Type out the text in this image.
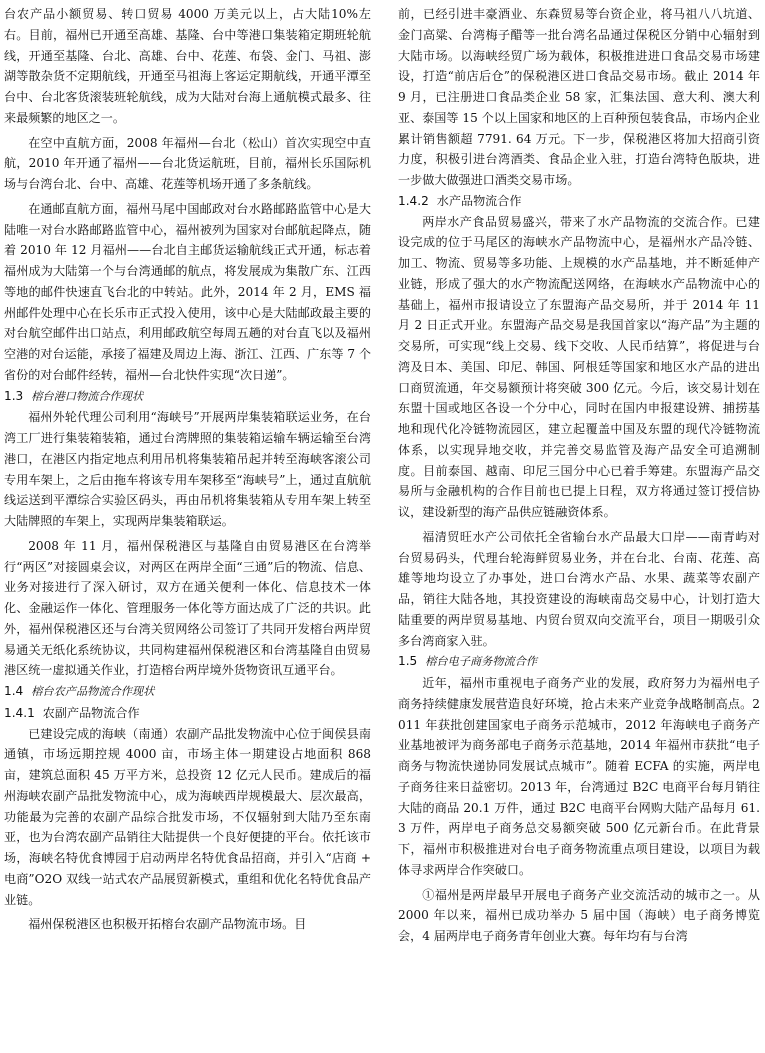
台农产品小额贸易、转口贸易 4000 万美元以上，占大陆10%左右。目前，福州已开通至高雄、基隆、台中等港口集装箱定期班轮航线，开通至基隆、台北、高雄、台中、花莲、布袋、金门、马祖、澎湖等散杂货不定期航线，开通至马祖海上客运定期航线，开通平潭至台中、台北客货滚装班轮航线，成为大陆对台海上通航模式最多、往来最频繁的地区之一。

在空中直航方面，2008 年福州—台北（松山）首次实现空中直航，2010 年开通了福州——台北货运航班，目前，福州长乐国际机场与台湾台北、台中、高雄、花莲等机场开通了多条航线。

在通邮直航方面，福州马尾中国邮政对台水路邮路监管中心是大陆唯一对台水路邮路监管中心，福州被列为国家对台邮航起降点，随着 2010 年 12 月福州——台北自主邮货运输航线正式开通，标志着福州成为大陆第一个与台湾通邮的航点，将发展成为集散广东、江西等地的邮件快速直飞台北的中转站。此外，2014 年 2 月，EMS 福州邮件处理中心在长乐市正式投入使用，该中心是大陆邮政最主要的对台航空邮件出口站点，利用邮政航空每周五趟的对台直飞以及福州空港的对台运能，承接了福建及周边上海、浙江、江西、广东等 7 个省份的对台邮件经转，福州—台北快件实现“次日递”。

1.3 榕台港口物流合作现状

福州外轮代理公司利用“海峡号”开展两岸集装箱联运业务，在台湾工厂进行集装箱装箱，通过台湾牌照的集装箱运输车辆运输至台湾港口，在港区内指定地点利用吊机将集装箱吊起并转至海峡客滚公司专用车架上，之后由拖车将该专用车架移至“海峡号”上，通过直航航线运送到平潭综合实验区码头，再由吊机将集装箱从专用车架上转至大陆牌照的车架上，实现两岸集装箱联运。

2008 年 11 月，福州保税港区与基隆自由贸易港区在台湾举行“两区”对接圆桌会议，对两区在两岸全面“三通”后的物流、信息、业务对接进行了深入研讨，双方在通关便利一体化、信息技术一体化、金融运作一体化、管理服务一体化等方面达成了广泛的共识。此外，福州保税港区还与台湾关贸网络公司签订了共同开发榕台两岸贸易通关无纸化系统协议，共同构建福州保税港区和台湾基隆自由贸易港区统一虚拟通关作业，打造榕台两岸境外货物资讯互通平台。

1.4 榕台农产品物流合作现状
1.4.1 农副产品物流合作

已建设完成的海峡（南通）农副产品批发物流中心位于闽侯县南通镇，市场远期控规 4000 亩，市场主体一期建设占地面积 868 亩，建筑总面积 45 万平方米，总投资 12 亿元人民币。建成后的福州海峡农副产品批发物流中心，成为海峡西岸规模最大、层次最高，功能最为完善的农副产品综合批发市场，不仅辐射到大陆乃至东南亚，也为台湾农副产品销往大陆提供一个良好便捷的平台。依托该市场，海峡名特优食博园于启动两岸名特优食品招商，并引入“店商 + 电商”O2O 双线一站式农产品展贸新模式，重组和优化名特优食品产业链。

福州保税港区也积极开拓榕台农副产品物流市场。目

前，已经引进丰豪酒业、东森贸易等台资企业，将马祖八八坑道、金门高粱、台湾梅子醋等一批台湾名品通过保税区分销中心辐射到大陆市场。以海峡经贸广场为载体，积极推进进口食品交易市场建设，打造“前店后仓”的保税港区进口食品交易市场。截止 2014 年 9 月，已注册进口食品类企业 58 家，汇集法国、意大利、澳大利亚、泰国等 15 个以上国家和地区的上百种预包装食品，市场内企业累计销售额超 7791. 64 万元。下一步，保税港区将加大招商引资力度，积极引进台湾酒类、食品企业入驻，打造台湾特色版块，进一步做大做强进口酒类交易市场。

1.4.2 水产品物流合作

两岸水产食品贸易盛兴，带来了水产品物流的交流合作。已建设完成的位于马尾区的海峡水产品物流中心，是福州水产品冷链、加工、物流、贸易等多功能、上规模的水产品基地，并不断延伸产业链，形成了强大的水产物流配送网络，在海峡水产品物流中心的基础上，福州市报请设立了东盟海产品交易所，并于 2014 年 11 月 2 日正式开业。东盟海产品交易是我国首家以“海产品”为主题的交易所，可实现“线上交易、线下交收、人民币结算”，将促进与台湾及日本、美国、印尼、韩国、阿根廷等国家和地区水产品的进出口商贸流通，年交易额预计将突破 300 亿元。今后，该交易计划在东盟十国或地区各设一个分中心，同时在国内申报建设辨、捕捞基地和现代化冷链物流园区，建立起覆盖中国及东盟的现代冷链物流体系，以实现异地交收，并完善交易监管及海产品安全可追溯制度。目前泰国、越南、印尼三国分中心已着手筹建。东盟海产品交易所与金融机构的合作目前也已提上日程，双方将通过签订授信协议，建设新型的海产品供应链融资体系。

福清贸旺水产公司依托全省输台水产品最大口岸——南青屿对台贸易码头，代理台轮海鲜贸易业务，并在台北、台南、花莲、高雄等地均设立了办事处，进口台湾水产品、水果、蔬菜等农副产品，销往大陆各地，其投资建设的海峡南岛交易中心，计划打造大陆重要的两岸贸易基地、内贸台贸双向交流平台，项目一期吸引众多台湾商家入驻。

1.5 榕台电子商务物流合作

近年，福州市重视电子商务产业的发展，政府努力为福州电子商务持续健康发展营造良好环境，抢占未来产业竞争战略制高点。2011 年获批创建国家电子商务示范城市，2012 年海峡电子商务产业基地被评为商务部电子商务示范基地，2014 年福州市获批“电子商务与物流快递协同发展试点城市”。随着 ECFA 的实施，两岸电子商务往来日益密切。2013 年，台湾通过 B2C 电商平台每月销往大陆的商品 20.1 万件，通过 B2C 电商平台网购大陆产品每月 61.3 万件，两岸电子商务总交易额突破 500 亿元新台币。在此背景下，福州市积极推进对台电子商务物流重点项目建设，以项目为载体寻求两岸合作突破口。

①福州是两岸最早开展电子商务产业交流活动的城市之一。从 2000 年以来，福州已成功举办 5 届中国（海峡）电子商务博览会，4 届两岸电子商务青年创业大赛。每年均有与台湾
